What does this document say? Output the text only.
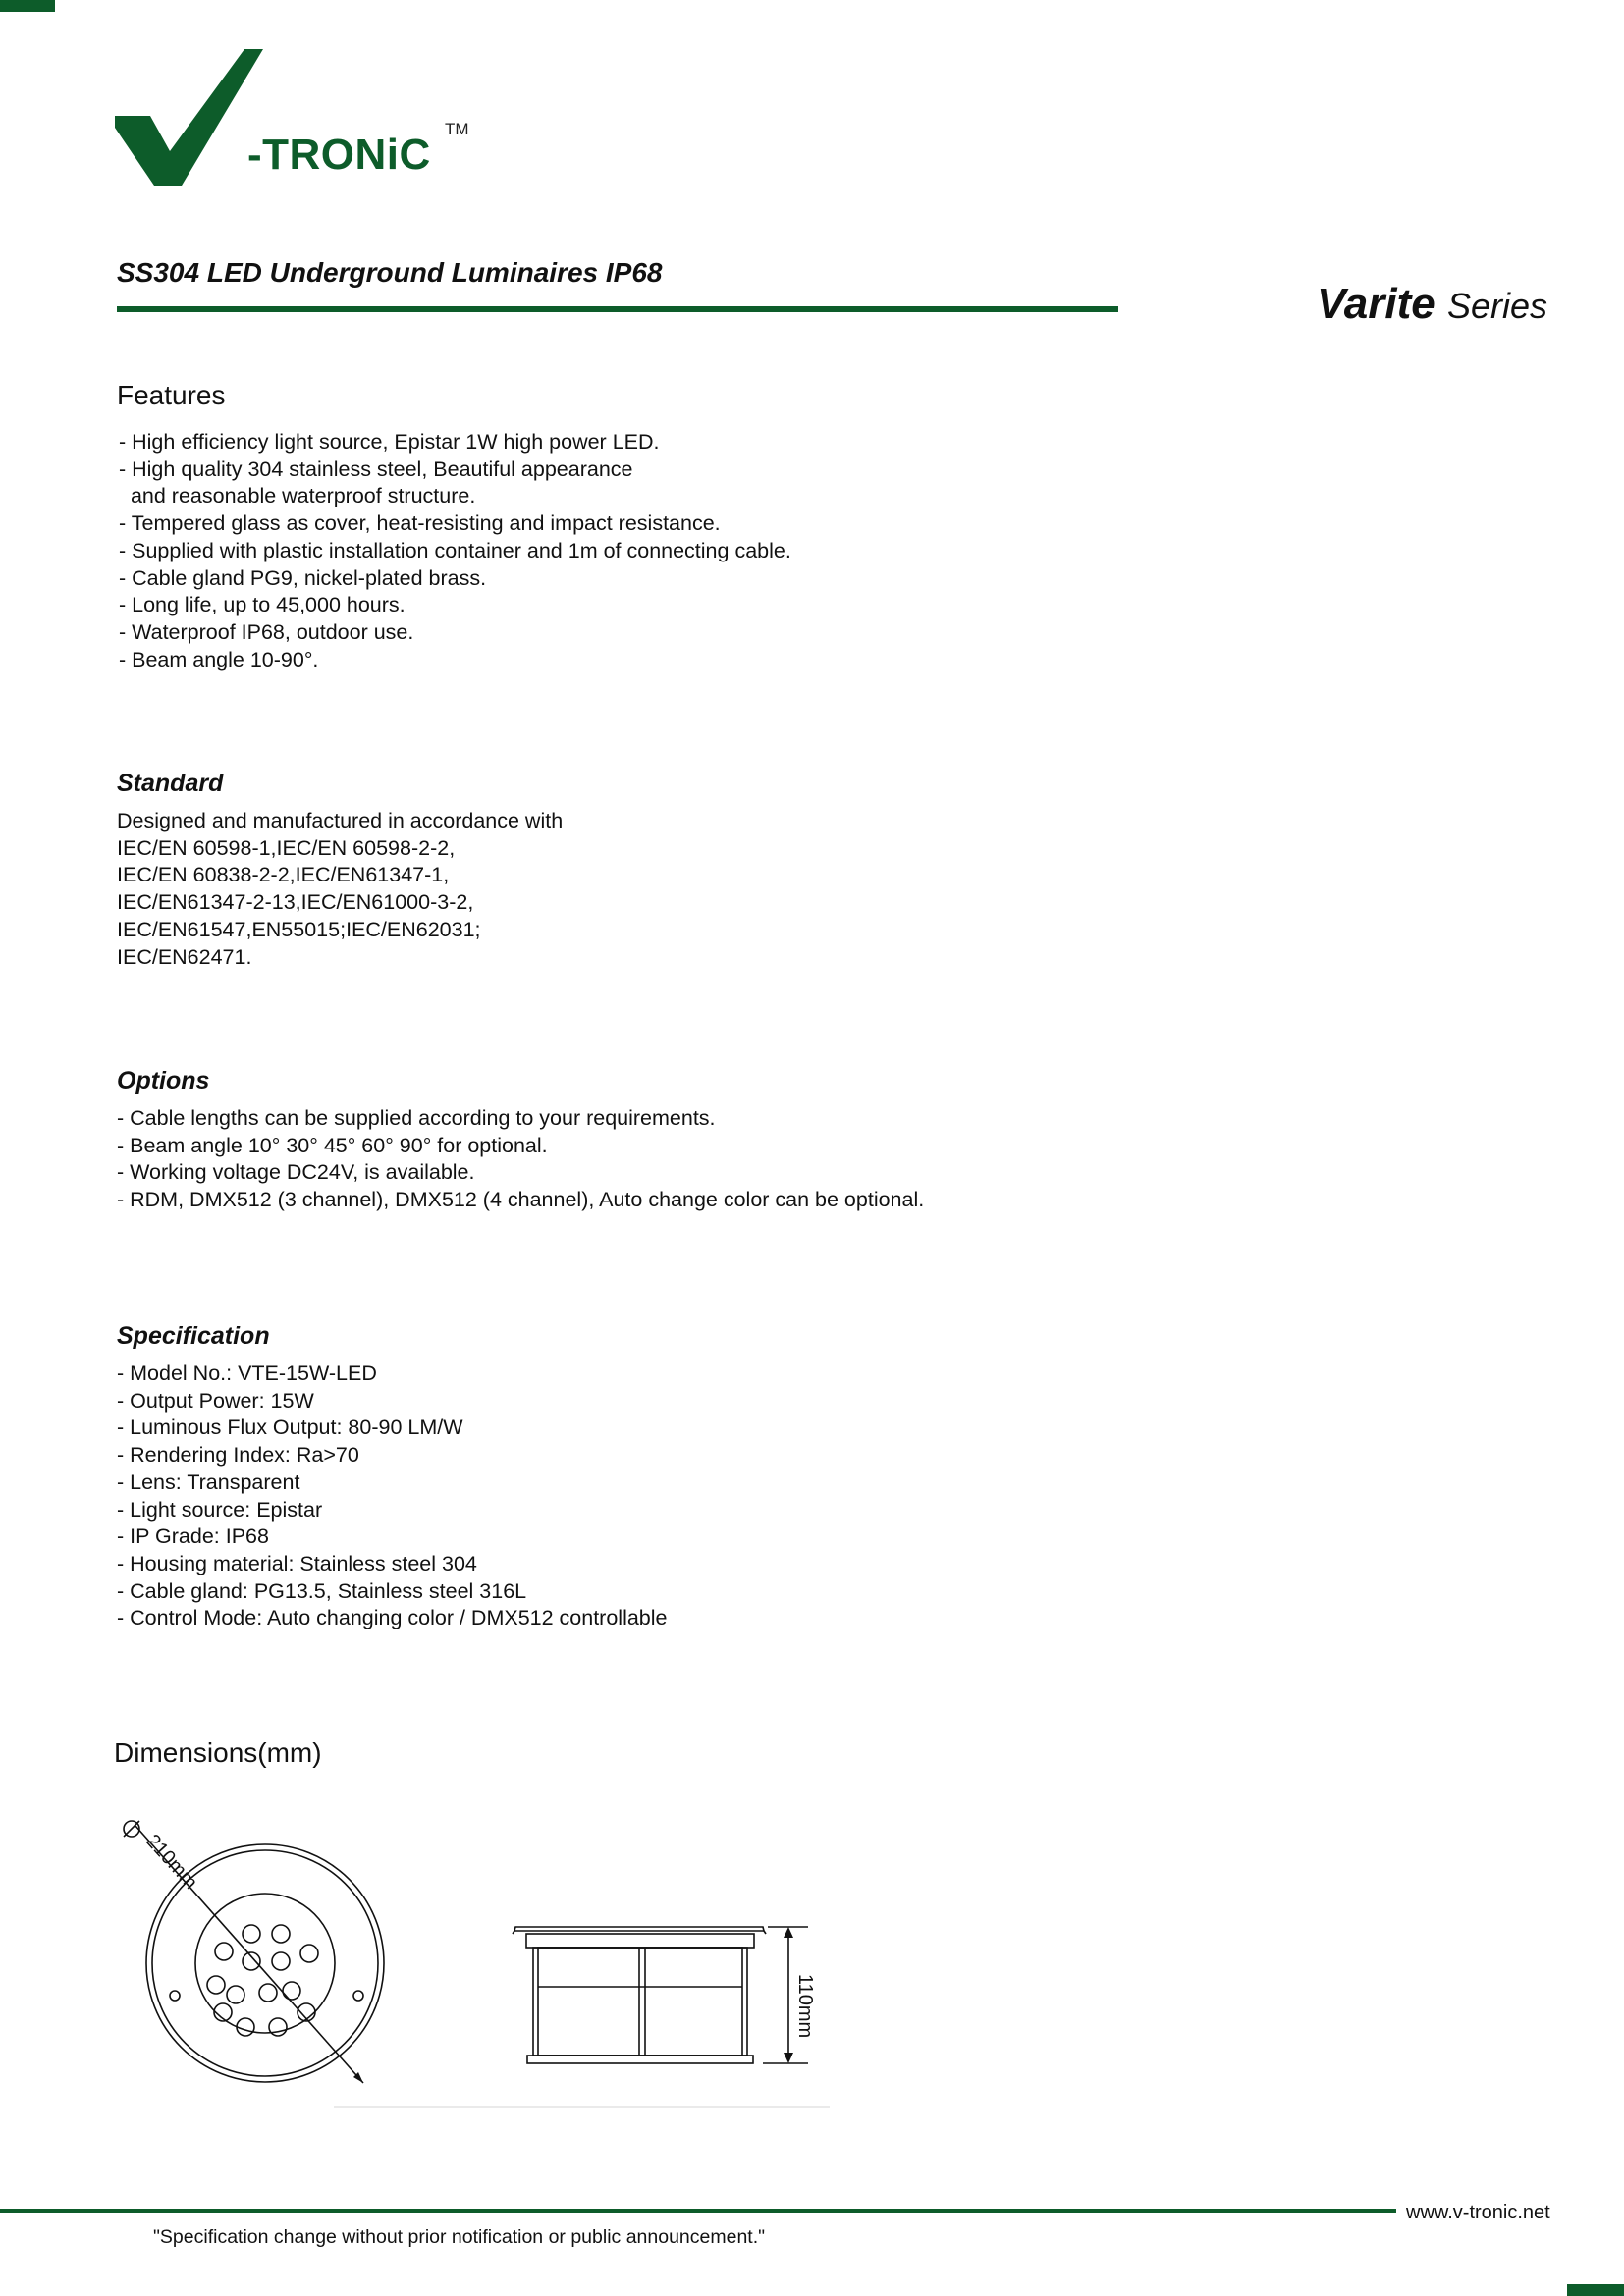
-TRONiC
TM
SS304 LED Underground Luminaires IP68
Varite Series
Features
- High efficiency light source, Epistar 1W high power LED.
- High quality 304 stainless steel, Beautiful appearance
and reasonable waterproof structure.
- Tempered glass as cover, heat-resisting and impact resistance.
- Supplied with plastic installation container and 1m of connecting cable.
- Cable gland PG9, nickel-plated brass.
- Long life, up to 45,000 hours.
- Waterproof IP68, outdoor use.
- Beam angle 10-90°.
Standard
Designed and manufactured in accordance with
IEC/EN 60598-1,IEC/EN 60598-2-2,
IEC/EN 60838-2-2,IEC/EN61347-1,
IEC/EN61347-2-13,IEC/EN61000-3-2,
IEC/EN61547,EN55015;IEC/EN62031;
IEC/EN62471.
Options
- Cable lengths can be supplied according to your requirements.
- Beam angle 10° 30° 45° 60° 90° for optional.
- Working voltage DC24V, is available.
- RDM, DMX512 (3 channel), DMX512 (4 channel), Auto change color can be optional.
Specification
- Model No.: VTE-15W-LED
- Output Power: 15W
- Luminous Flux Output: 80-90 LM/W
- Rendering Index: Ra>70
- Lens: Transparent
- Light source: Epistar
- IP Grade: IP68
- Housing material: Stainless steel 304
- Cable gland: PG13.5, Stainless steel 316L
- Control Mode: Auto changing color / DMX512 controllable
Dimensions(mm)
210mm
110mm
www.v-tronic.net
"Specification change without prior notification or public announcement."
